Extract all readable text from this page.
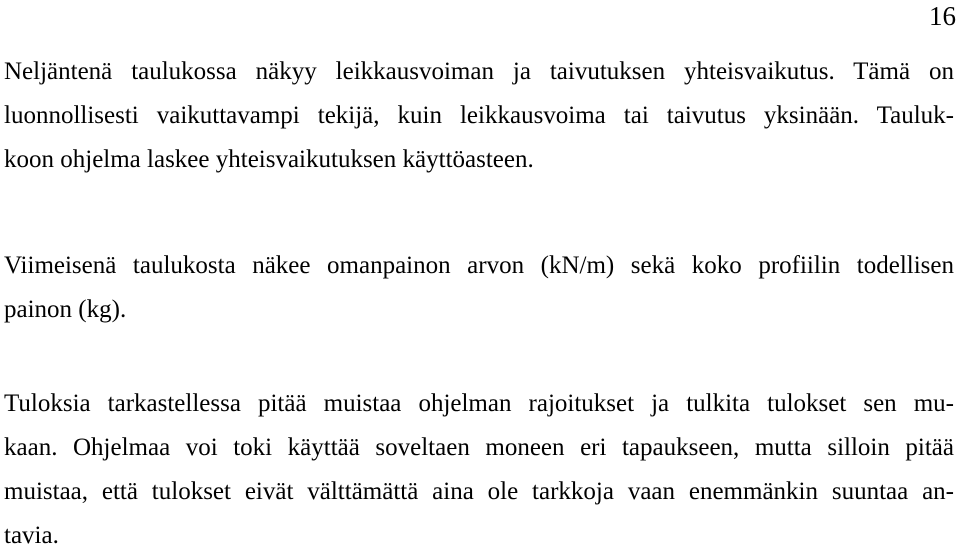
16
Neljäntenä taulukossa näkyy leikkausvoiman ja taivutuksen yhteisvaikutus. Tämä on
luonnollisesti vaikuttavampi tekijä, kuin leikkausvoima tai taivutus yksinään. Tauluk-
koon ohjelma laskee yhteisvaikutuksen käyttöasteen.
Viimeisenä taulukosta näkee omanpainon arvon (kN/m) sekä koko profiilin todellisen
painon (kg).
Tuloksia tarkastellessa pitää muistaa ohjelman rajoitukset ja tulkita tulokset sen mu-
kaan. Ohjelmaa voi toki käyttää soveltaen moneen eri tapaukseen, mutta silloin pitää
muistaa, että tulokset eivät välttämättä aina ole tarkkoja vaan enemmänkin suuntaa an-
tavia.
